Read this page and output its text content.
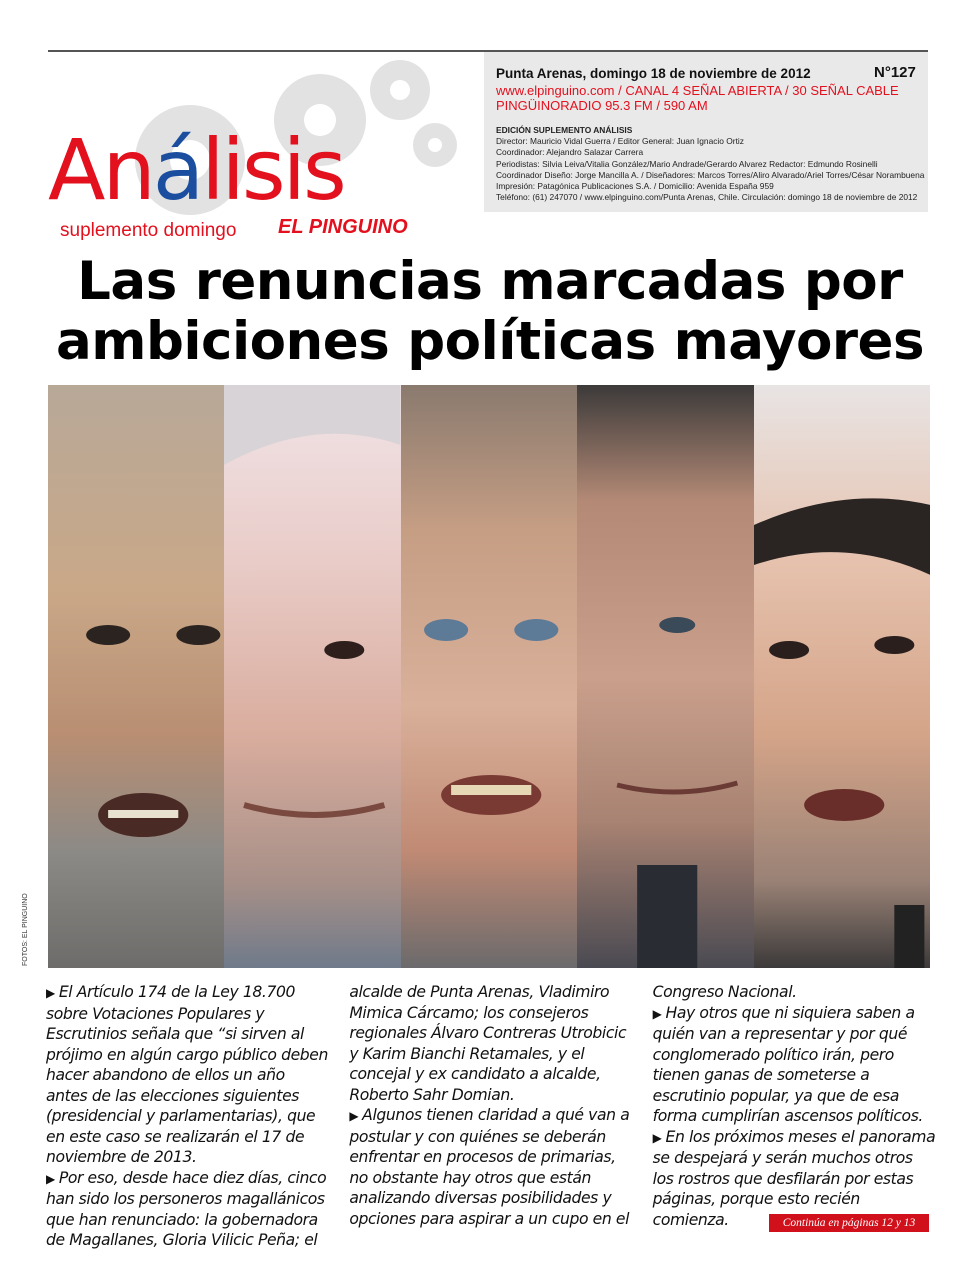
Análisis
suplemento domingo EL PINGUINO
Punta Arenas, domingo 18 de noviembre de 2012	N°127
www.elpinguino.com / CANAL 4 SEÑAL ABIERTA / 30 SEÑAL CABLE
PINGÜINORADIO 95.3 FM / 590 AM
EDICIÓN SUPLEMENTO ANÁLISIS
Director: Mauricio Vidal Guerra / Editor General: Juan Ignacio Ortiz
Coordinador: Alejandro Salazar Carrera
Periodistas: Silvia Leiva/Vitalia González/Mario Andrade/Gerardo Alvarez Redactor: Edmundo Rosinelli
Coordinador Diseño: Jorge Mancilla A. / Diseñadores: Marcos Torres/Aliro Alvarado/Ariel Torres/César Norambuena
Impresión: Patagónica Publicaciones S.A. / Domicilio: Avenida España 959
Teléfono: (61) 247070 / www.elpinguino.com/Punta Arenas, Chile. Circulación: domingo 18 de noviembre de 2012
Las renuncias marcadas por
ambiciones políticas mayores
FOTOS: EL PINGUINO

▶ El Artículo 174 de la Ley 18.700 sobre Votaciones Populares y Escrutinios señala que “si sirven al prójimo en algún cargo público deben hacer abandono de ellos un año antes de las elecciones siguientes (presidencial y parlamentarias), que en este caso se realizarán el 17 de noviembre de 2013.

▶ Por eso, desde hace diez días, cinco han sido los personeros magallánicos que han renunciado: la gobernadora de Magallanes, Gloria Vilicic Peña; el

alcalde de Punta Arenas, Vladimiro Mimica Cárcamo; los consejeros regionales Álvaro Contreras Utrobicic y Karim Bianchi Retamales, y el concejal y ex candidato a alcalde, Roberto Sahr Domian.

▶ Algunos tienen claridad a qué van a postular y con quiénes se deberán enfrentar en procesos de primarias, no obstante hay otros que están analizando diversas posibilidades y opciones para aspirar a un cupo en el

Congreso Nacional.

▶ Hay otros que ni siquiera saben a quién van a representar y por qué conglomerado político irán, pero tienen ganas de someterse a escrutinio popular, ya que de esa forma cumplirían ascensos políticos.

▶ En los próximos meses el panorama se despejará y serán muchos otros los rostros que desfilarán por estas páginas, porque esto recién comienza.	Continúa en páginas 12 y 13
